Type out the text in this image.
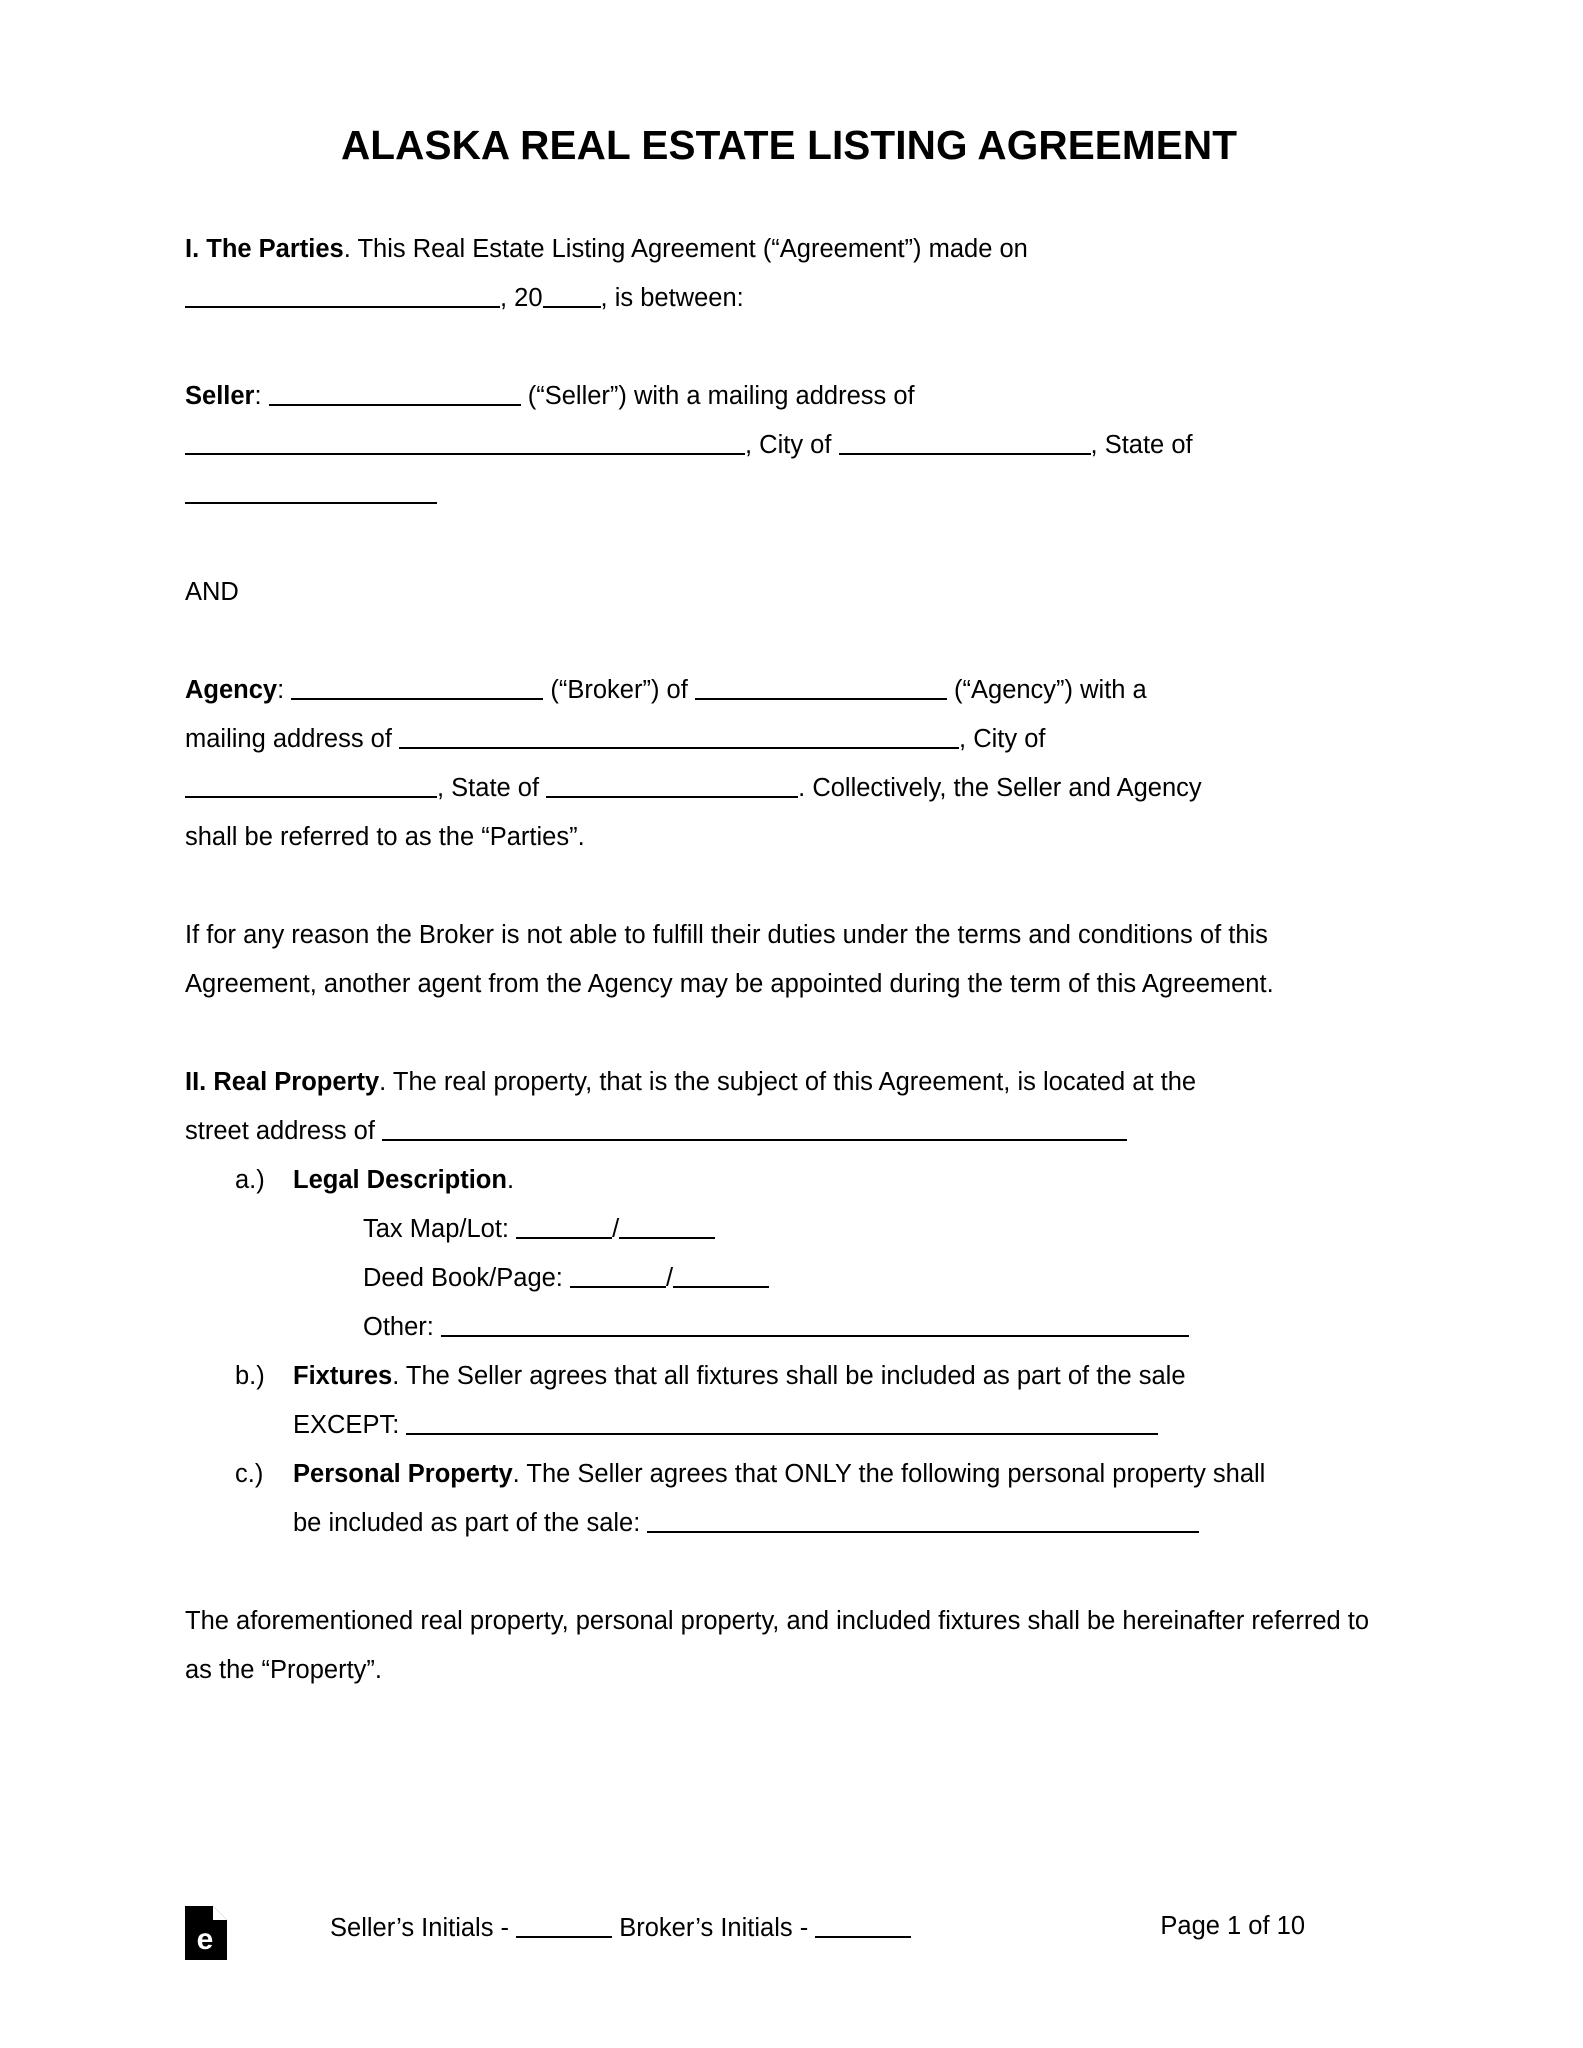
ALASKA REAL ESTATE LISTING AGREEMENT

I. The Parties. This Real Estate Listing Agreement (“Agreement”) made on
, 20 , is between:

Seller:	(“Seller”) with a mailing address of
, City of	, State of

AND

Agency:	(“Broker”) of	(“Agency”) with a
mailing address of	, City of
, State of	. Collectively, the Seller and Agency
shall be referred to as the “Parties”.

If for any reason the Broker is not able to fulfill their duties under the terms and conditions of this Agreement, another agent from the Agency may be appointed during the term of this Agreement.

II. Real Property. The real property, that is the subject of this Agreement, is located at the
street address of

a.)	Legal Description.
Tax Map/Lot:	/
Deed Book/Page:	/
Other:
b.)	Fixtures. The Seller agrees that all fixtures shall be included as part of the sale
EXCEPT:
c.)	Personal Property. The Seller agrees that ONLY the following personal property shall
be included as part of the sale:

The aforementioned real property, personal property, and included fixtures shall be hereinafter referred to as the “Property”.

e	Seller’s Initials -	Broker’s Initials -	Page 1 of 10
